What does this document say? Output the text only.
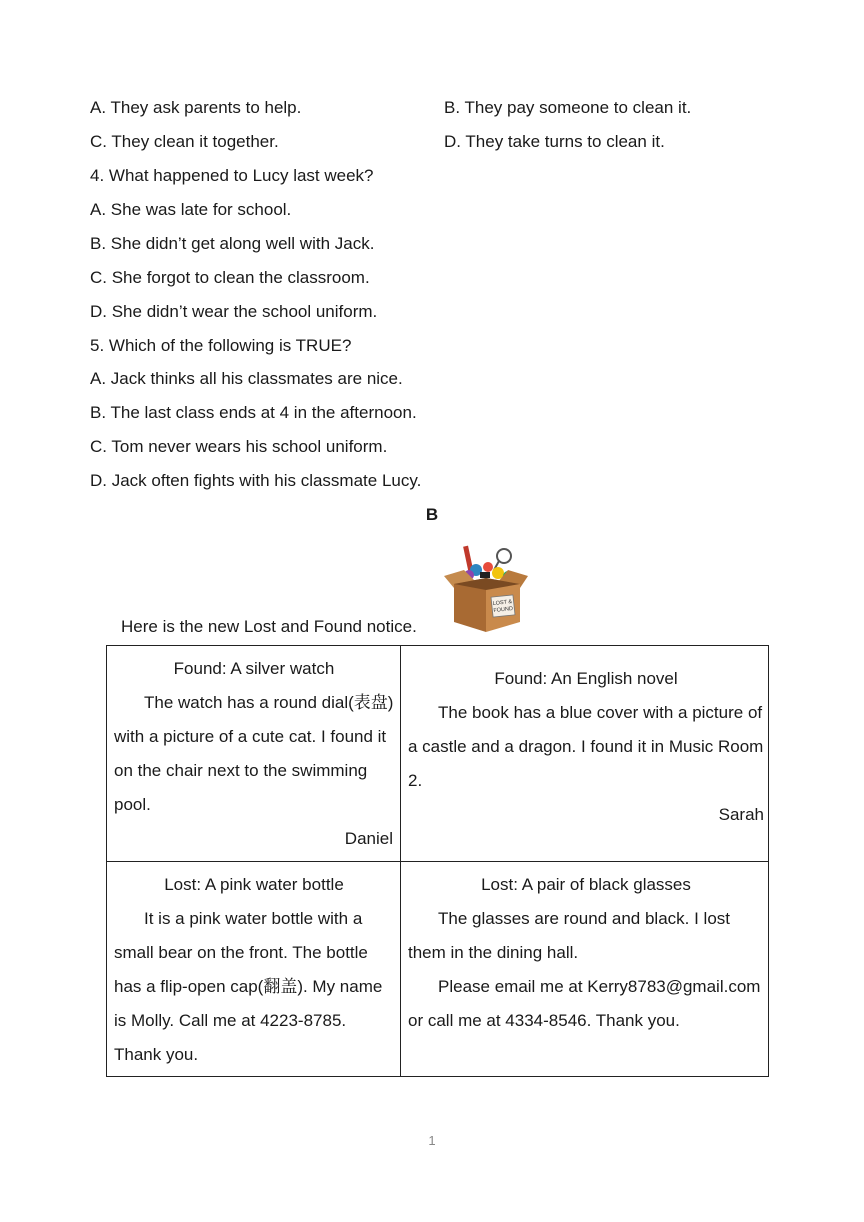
A. They ask parents to help.	B. They pay someone to clean it.
C. They clean it together.	D. They take turns to clean it.
4. What happened to Lucy last week?
A. She was late for school.
B. She didn’t get along well with Jack.
C. She forgot to clean the classroom.
D. She didn’t wear the school uniform.
5. Which of the following is TRUE?
A. Jack thinks all his classmates are nice.
B. The last class ends at 4 in the afternoon.
C. Tom never wears his school uniform.
D. Jack often fights with his classmate Lucy.
B
LOST &
FOUND
Here is the new Lost and Found notice.
Found: A silver watch
The watch has a round dial(表盘) with a picture of a cute cat. I found it on the chair next to the swimming pool.
Daniel
Found: An English novel
The book has a blue cover with a picture of a castle and a dragon. I found it in Music Room 2.
Sarah
Lost: A pink water bottle
It is a pink water bottle with a small bear on the front. The bottle has a flip-open cap(翻盖). My name is Molly. Call me at 4223-8785. Thank you.
Lost: A pair of black glasses
The glasses are round and black. I lost them in the dining hall.
Please email me at Kerry8783@gmail.com or call me at 4334-8546. Thank you.
1
